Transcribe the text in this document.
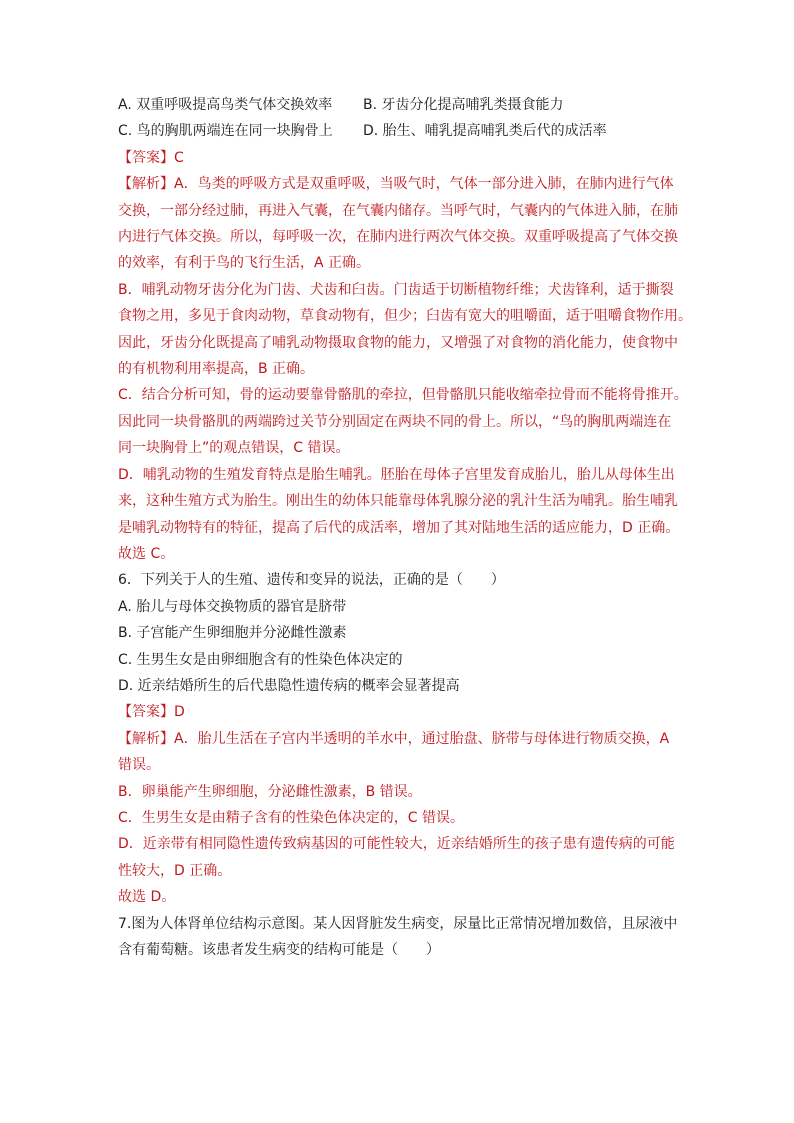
A. 双重呼吸提高鸟类气体交换效率	B. 牙齿分化提高哺乳类摄食能力
C. 鸟的胸肌两端连在同一块胸骨上	D. 胎生、哺乳提高哺乳类后代的成活率
【答案】C
【解析】A．鸟类的呼吸方式是双重呼吸，当吸气时，气体一部分进入肺，在肺内进行气体
交换，一部分经过肺，再进入气囊，在气囊内储存。当呼气时，气囊内的气体进入肺，在肺
内进行气体交换。所以，每呼吸一次，在肺内进行两次气体交换。双重呼吸提高了气体交换
的效率，有利于鸟的飞行生活，A 正确。
B．哺乳动物牙齿分化为门齿、犬齿和臼齿。门齿适于切断植物纤维；犬齿锋利，适于撕裂
食物之用，多见于食肉动物，草食动物有，但少；臼齿有宽大的咀嚼面，适于咀嚼食物作用。
因此，牙齿分化既提高了哺乳动物摄取食物的能力，又增强了对食物的消化能力，使食物中
的有机物利用率提高，B 正确。
C．结合分析可知，骨的运动要靠骨骼肌的牵拉，但骨骼肌只能收缩牵拉骨而不能将骨推开。
因此同一块骨骼肌的两端跨过关节分别固定在两块不同的骨上。所以，“鸟的胸肌两端连在
同一块胸骨上”的观点错误，C 错误。
D．哺乳动物的生殖发育特点是胎生哺乳。胚胎在母体子宫里发育成胎儿，胎儿从母体生出
来，这种生殖方式为胎生。刚出生的幼体只能靠母体乳腺分泌的乳汁生活为哺乳。胎生哺乳
是哺乳动物特有的特征，提高了后代的成活率，增加了其对陆地生活的适应能力，D 正确。
故选 C。
6．下列关于人的生殖、遗传和变异的说法，正确的是（　　）
A. 胎儿与母体交换物质的器官是脐带
B. 子宫能产生卵细胞并分泌雌性激素
C. 生男生女是由卵细胞含有的性染色体决定的
D. 近亲结婚所生的后代患隐性遗传病的概率会显著提高
【答案】D
【解析】A．胎儿生活在子宫内半透明的羊水中，通过胎盘、脐带与母体进行物质交换，A
错误。
B．卵巢能产生卵细胞，分泌雌性激素，B 错误。
C．生男生女是由精子含有的性染色体决定的，C 错误。
D．近亲带有相同隐性遗传致病基因的可能性较大，近亲结婚所生的孩子患有遗传病的可能
性较大，D 正确。
故选 D。
7.图为人体肾单位结构示意图。某人因肾脏发生病变，尿量比正常情况增加数倍，且尿液中
含有葡萄糖。该患者发生病变的结构可能是（　　）
